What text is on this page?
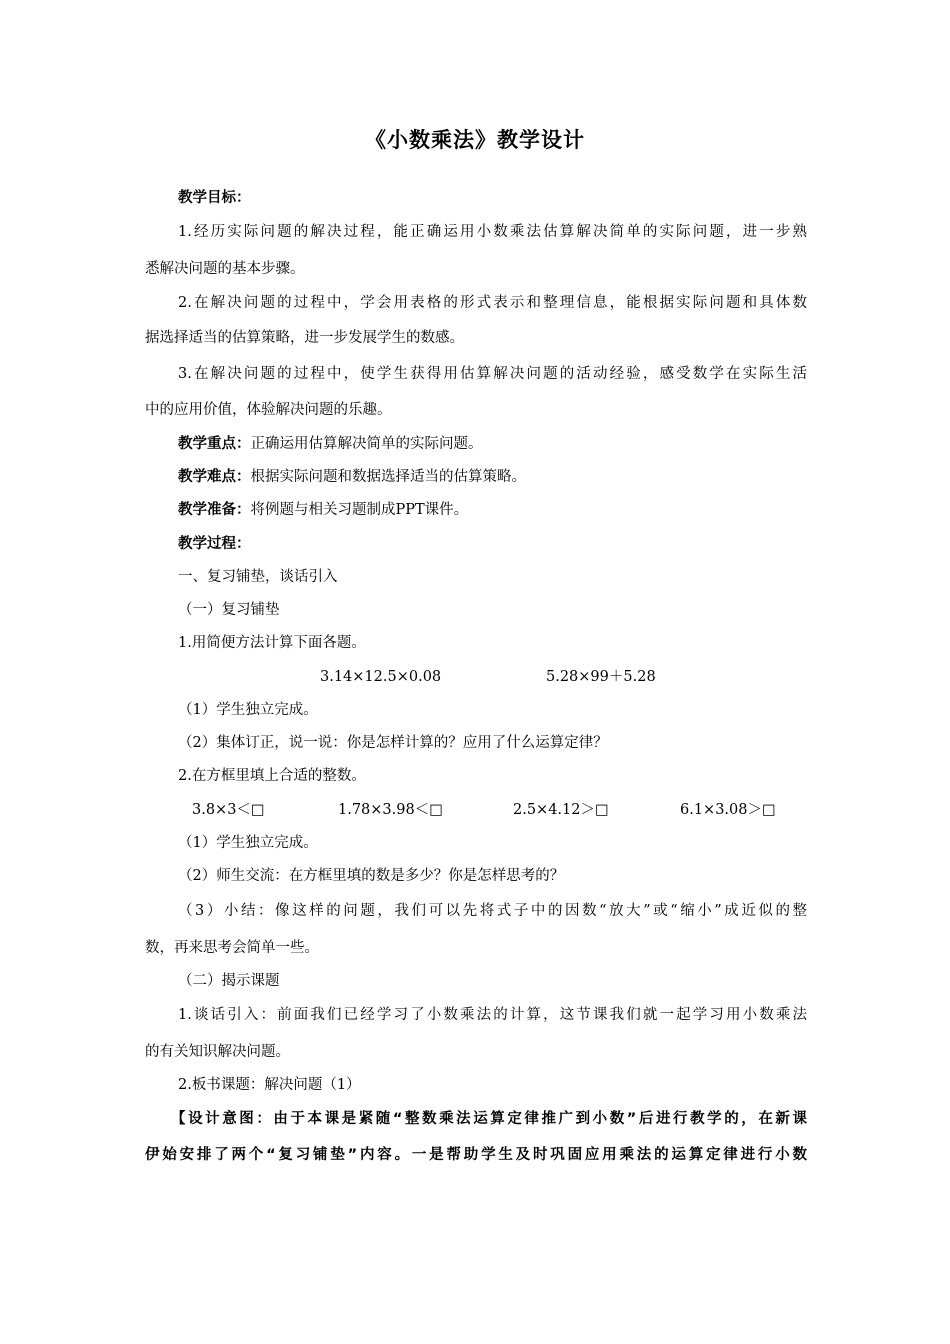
《小数乘法》教学设计
教学目标：
1.经历实际问题的解决过程，能正确运用小数乘法估算解决简单的实际问题，进一步熟
悉解决问题的基本步骤。
2.在解决问题的过程中，学会用表格的形式表示和整理信息，能根据实际问题和具体数
据选择适当的估算策略，进一步发展学生的数感。
3.在解决问题的过程中，使学生获得用估算解决问题的活动经验，感受数学在实际生活
中的应用价值，体验解决问题的乐趣。
教学重点：正确运用估算解决简单的实际问题。
教学难点：根据实际问题和数据选择适当的估算策略。
教学准备：将例题与相关习题制成PPT课件。
教学过程：
一、复习铺垫，谈话引入
（一）复习铺垫
1.用简便方法计算下面各题。
3.14×12.5×0.08	5.28×99＋5.28
（1）学生独立完成。
（2）集体订正，说一说：你是怎样计算的？应用了什么运算定律？
2.在方框里填上合适的整数。
3.8×3＜□	1.78×3.98＜□	2.5×4.12＞□	6.1×3.08＞□
（1）学生独立完成。
（2）师生交流：在方框里填的数是多少？你是怎样思考的？
（3）小结：像这样的问题，我们可以先将式子中的因数“放大”或“缩小”成近似的整
数，再来思考会简单一些。
（二）揭示课题
1.谈话引入：前面我们已经学习了小数乘法的计算，这节课我们就一起学习用小数乘法
的有关知识解决问题。
2.板书课题：解决问题（1）
【设计意图：由于本课是紧随“整数乘法运算定律推广到小数”后进行教学的，在新课
伊始安排了两个“复习铺垫”内容。一是帮助学生及时巩固应用乘法的运算定律进行小数
